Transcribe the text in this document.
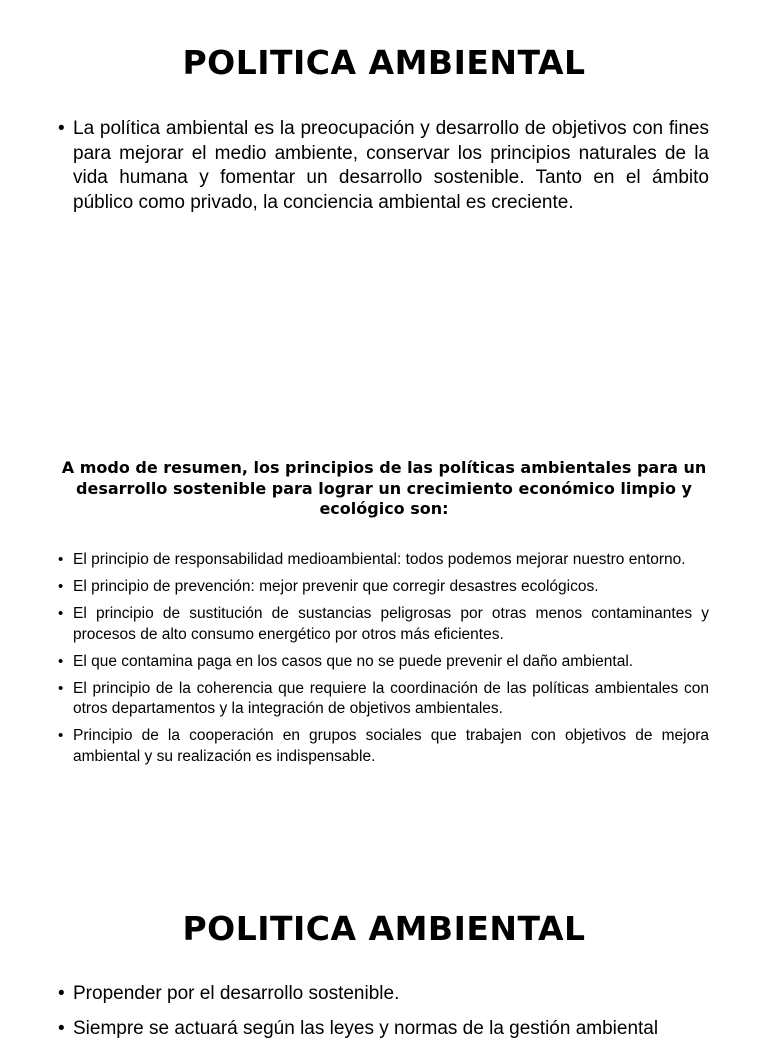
POLITICA AMBIENTAL
• La política ambiental es la preocupación y desarrollo de objetivos con fines para mejorar el medio ambiente, conservar los principios naturales de la vida humana y fomentar un desarrollo sostenible. Tanto en el ámbito público como privado, la conciencia ambiental es creciente.

A modo de resumen, los principios de las políticas ambientales para un desarrollo sostenible para lograr un crecimiento económico limpio y ecológico son:

• El principio de responsabilidad medioambiental: todos podemos mejorar nuestro entorno.
• El principio de prevención: mejor prevenir que corregir desastres ecológicos.
• El principio de sustitución de sustancias peligrosas por otras menos contaminantes y procesos de alto consumo energético por otros más eficientes.
• El que contamina paga en los casos que no se puede prevenir el daño ambiental.
• El principio de la coherencia que requiere la coordinación de las políticas ambientales con otros departamentos y la integración de objetivos ambientales.
• Principio de la cooperación en grupos sociales que trabajen con objetivos de mejora ambiental y su realización es indispensable.
POLITICA AMBIENTAL
• Propender por el desarrollo sostenible.
• Siempre se actuará según las leyes y normas de la gestión ambiental
